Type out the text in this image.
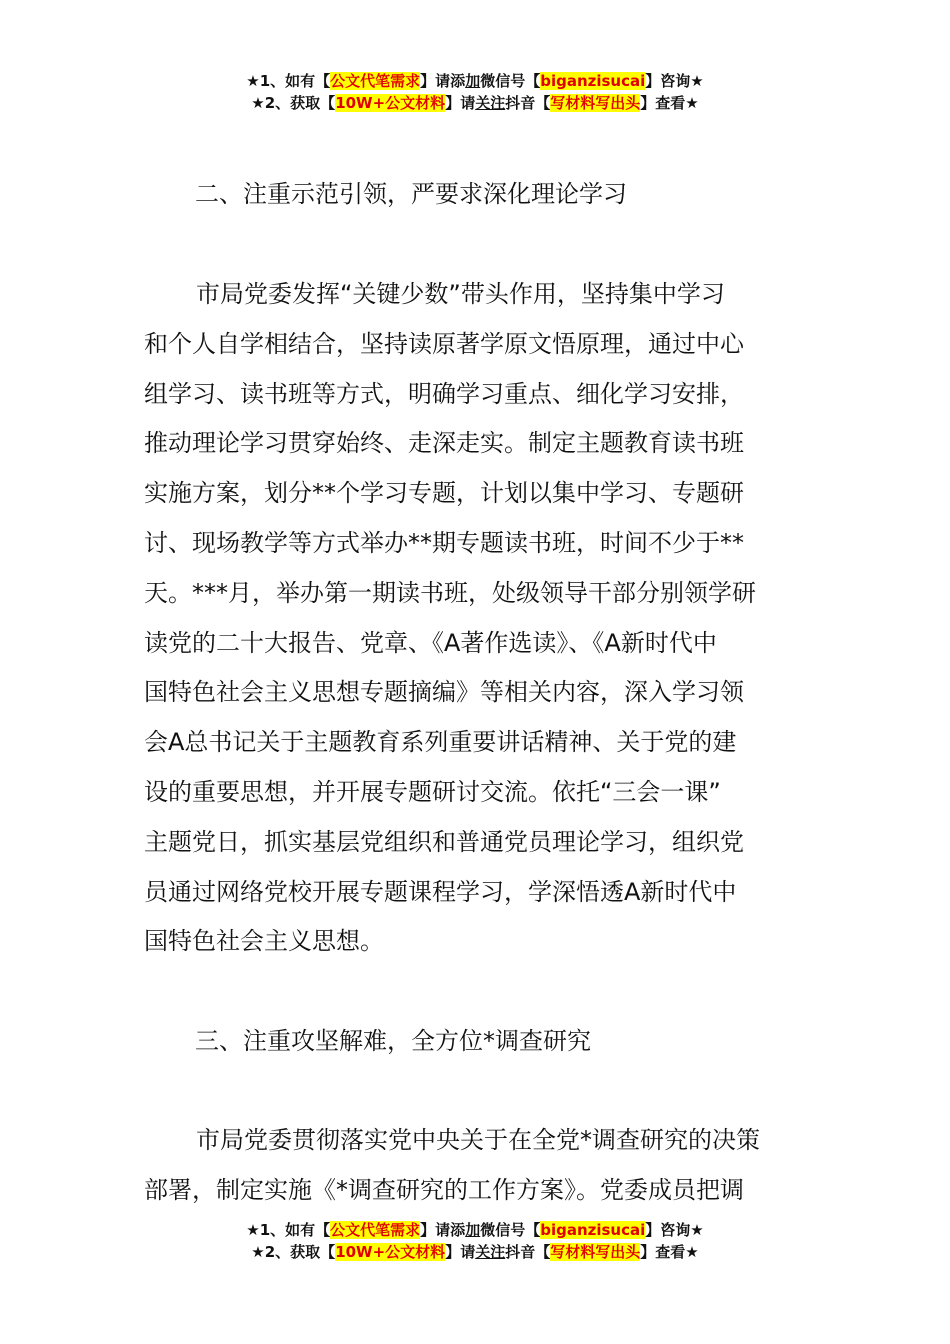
★1、如有【公文代笔需求】请添加微信号【biganzisucai】咨询★
★2、获取【10W+公文材料】请关注抖音【写材料写出头】查看★
二、注重示范引领，严要求深化理论学习
市局党委发挥“关键少数”带头作用，坚持集中学习
和个人自学相结合，坚持读原著学原文悟原理，通过中心
组学习、读书班等方式，明确学习重点、细化学习安排，
推动理论学习贯穿始终、走深走实。制定主题教育读书班
实施方案，划分**个学习专题，计划以集中学习、专题研
讨、现场教学等方式举办**期专题读书班，时间不少于**
天。***月，举办第一期读书班，处级领导干部分别领学研
读党的二十大报告、党章、《A著作选读》、《A新时代中
国特色社会主义思想专题摘编》等相关内容，深入学习领
会A总书记关于主题教育系列重要讲话精神、关于党的建
设的重要思想，并开展专题研讨交流。依托“三会一课”
主题党日，抓实基层党组织和普通党员理论学习，组织党
员通过网络党校开展专题课程学习，学深悟透A新时代中
国特色社会主义思想。
三、注重攻坚解难，全方位*调查研究
市局党委贯彻落实党中央关于在全党*调查研究的决策
部署，制定实施《*调查研究的工作方案》。党委成员把调
★1、如有【公文代笔需求】请添加微信号【biganzisucai】咨询★
★2、获取【10W+公文材料】请关注抖音【写材料写出头】查看★
